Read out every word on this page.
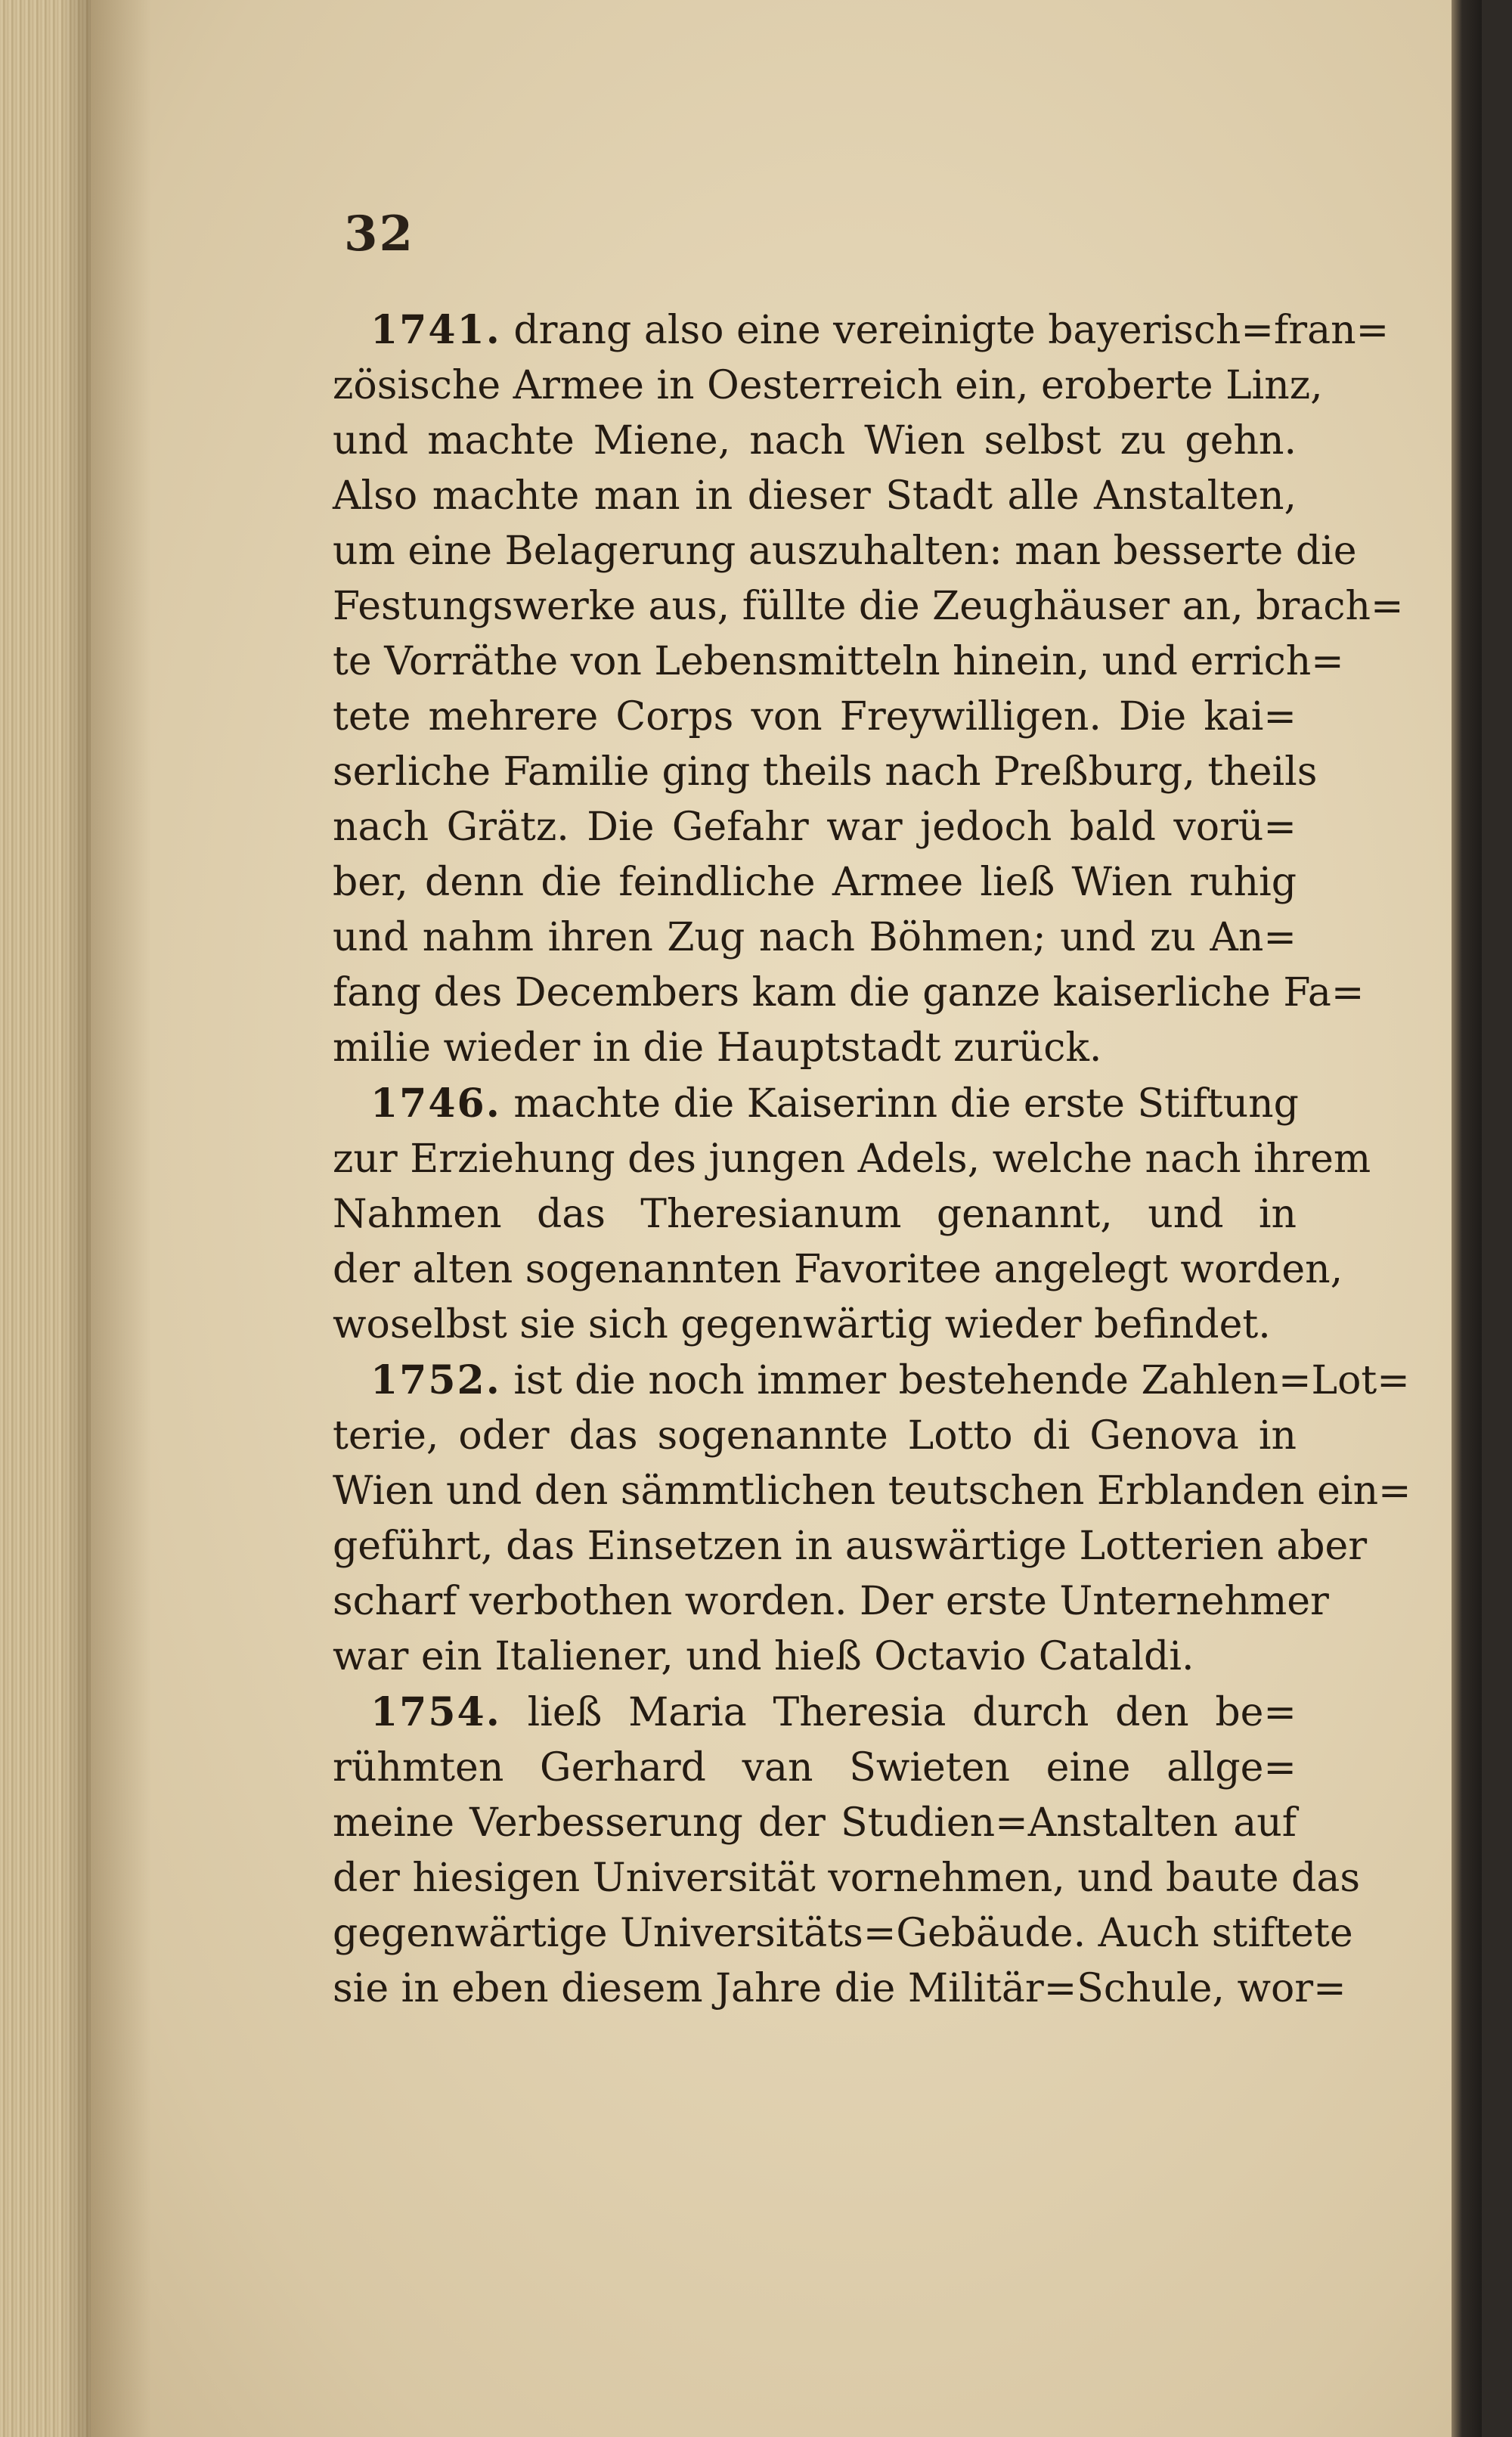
32
1741. drang also eine vereinigte bayerisch=fran=
zösische Armee in Oesterreich ein, eroberte Linz,
und machte Miene, nach Wien selbst zu gehn.
Also machte man in dieser Stadt alle Anstalten,
um eine Belagerung auszuhalten: man besserte die
Festungswerke aus, füllte die Zeughäuser an, brach=
te Vorräthe von Lebensmitteln hinein, und errich=
tete mehrere Corps von Freywilligen. Die kai=
serliche Familie ging theils nach Preßburg, theils
nach Grätz. Die Gefahr war jedoch bald vorü=
ber, denn die feindliche Armee ließ Wien ruhig
und nahm ihren Zug nach Böhmen; und zu An=
fang des Decembers kam die ganze kaiserliche Fa=
milie wieder in die Hauptstadt zurück.
1746. machte die Kaiserinn die erste Stiftung
zur Erziehung des jungen Adels, welche nach ihrem
Nahmen das Theresianum genannt, und in
der alten sogenannten Favoritee angelegt worden,
woselbst sie sich gegenwärtig wieder befindet.
1752. ist die noch immer bestehende Zahlen=Lot=
terie, oder das sogenannte Lotto di Genova in
Wien und den sämmtlichen teutschen Erblanden ein=
geführt, das Einsetzen in auswärtige Lotterien aber
scharf verbothen worden. Der erste Unternehmer
war ein Italiener, und hieß Octavio Cataldi.
1754. ließ Maria Theresia durch den be=
rühmten Gerhard van Swieten eine allge=
meine Verbesserung der Studien=Anstalten auf
der hiesigen Universität vornehmen, und baute das
gegenwärtige Universitäts=Gebäude. Auch stiftete
sie in eben diesem Jahre die Militär=Schule, wor=
